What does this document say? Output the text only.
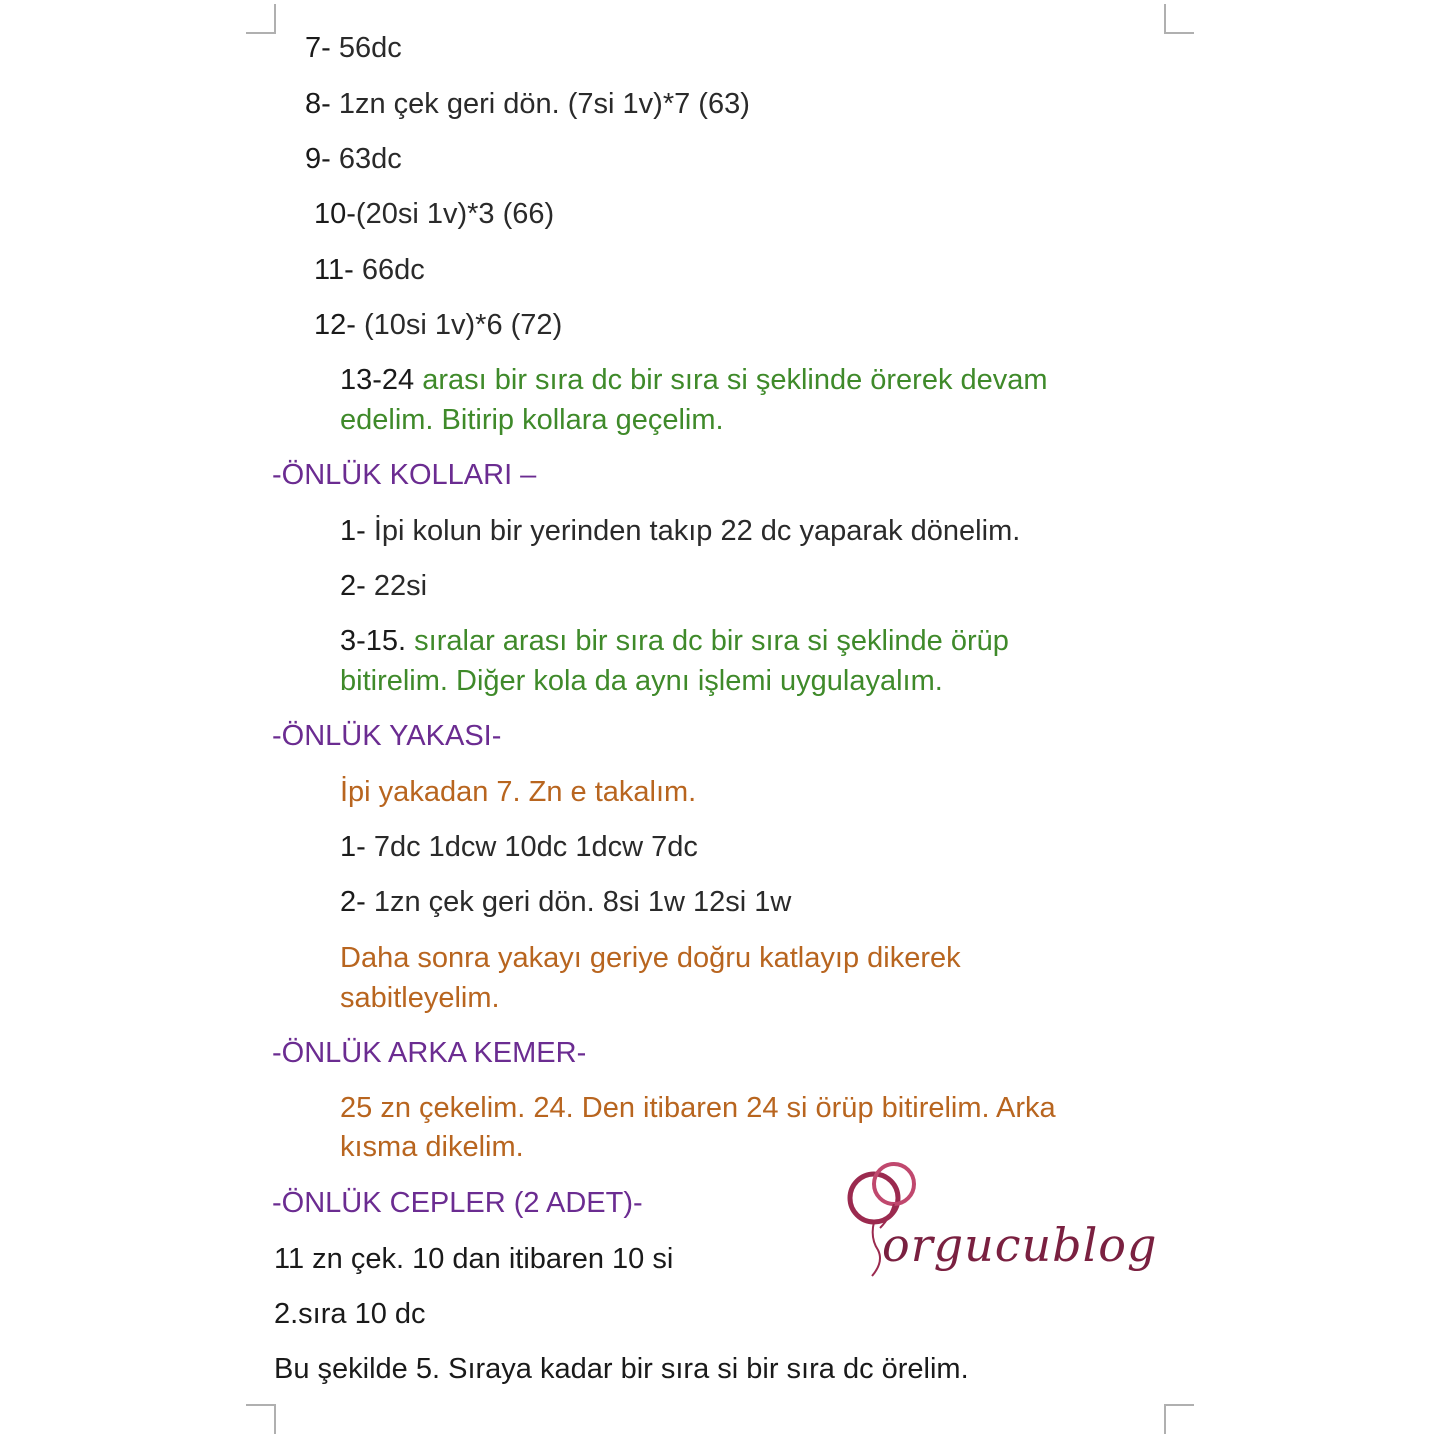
7- 56dc
8- 1zn çek geri dön. (7si 1v)*7 (63)
9- 63dc
10-(20si 1v)*3 (66)
11- 66dc
12- (10si 1v)*6 (72)
13-24 arası bir sıra dc bir sıra si şeklinde örerek devam
edelim. Bitirip kollara geçelim.
-ÖNLÜK KOLLARI –
1- İpi kolun bir yerinden takıp 22 dc yaparak dönelim.
2- 22si
3-15. sıralar arası bir sıra dc bir sıra si şeklinde örüp
bitirelim. Diğer kola da aynı işlemi uygulayalım.
-ÖNLÜK YAKASI-
İpi yakadan 7. Zn e takalım.
1- 7dc 1dcw 10dc 1dcw 7dc
2- 1zn çek geri dön. 8si 1w 12si 1w
Daha sonra yakayı geriye doğru katlayıp dikerek
sabitleyelim.
-ÖNLÜK ARKA KEMER-
25 zn çekelim. 24. Den itibaren 24 si örüp bitirelim. Arka
kısma dikelim.
-ÖNLÜK CEPLER (2 ADET)-
11 zn çek. 10 dan itibaren 10 si
2.sıra 10 dc
Bu şekilde 5. Sıraya kadar bir sıra si bir sıra dc örelim.
orgucublog
